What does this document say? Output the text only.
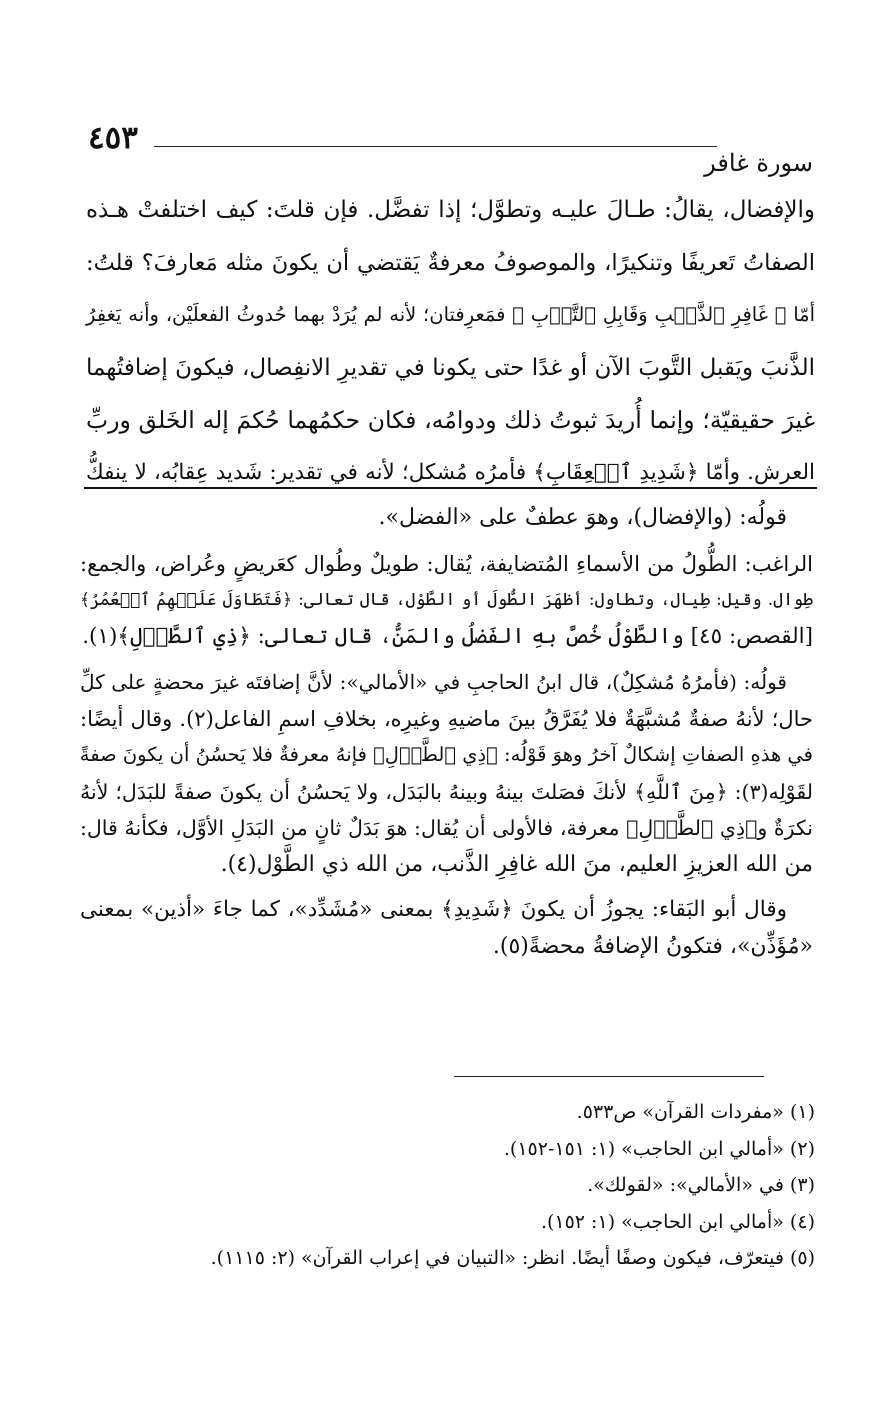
٤٥٣
سورة غافر
والإفضال، يقالُ: طـالَ عليـه وتطوَّل؛ إذا تفضَّل. فإن قلتَ: كيف اختلفتْ هـذه
الصفاتُ تَعريفًا وتنكيرًا، والموصوفُ معرفةٌ يَقتضي أن يكونَ مثله مَعارفَ؟ قلتُ:
أمّا ﴿ غَافِرِ ٱلذَّنۢبِ وَقَابِلِ ٱلتَّوۡبِ ﴾ فمَعرِفتان؛ لأنه لم يُرَدْ بهما حُدوثُ الفعلَيْن، وأنه يَغفِرُ
الذَّنبَ ويَقبل التَّوبَ الآن أو غدًا حتى يكونا في تقديرِ الانفِصال، فيكونَ إضافتُهما
غيرَ حقيقيّة؛ وإنما أُريدَ ثبوتُ ذلك ودوامُه، فكان حكمُهما حُكمَ إله الخَلق وربِّ
العرش. وأمّا ﴿شَدِيدِ ٱلۡعِقَابِ﴾ فأمرُه مُشكل؛ لأنه في تقدير: شَديد عِقابُه، لا ينفكُّ
قولُه: (والإفضال)، وهوَ عطفٌ على «الفضل».
الراغب: الطُّولُ من الأسماءِ المُتضايفة، يُقال: طويلٌ وطُوال كعَريضٍ وعُراض، والجمع:
طِوال. وقيل: طِيال، وتطاول: أظهَرَ الطُّولَ أو الطَّوْل، قال تعالى: ﴿فَتَطَاوَلَ عَلَيۡهِمُ ٱلۡعُمُرُ﴾
[القصص: ٤٥] والطَّوْلُ خُصَّ بهِ الفَضلُ والمَنُّ، قال تعالى: ﴿ذِي ٱلطَّوۡلِ﴾(١).
قولُه: (فأمرُهُ مُشكِلٌ)، قال ابنُ الحاجبِ في «الأمالي»: لأنَّ إضافتَه غيرَ محضةٍ على كلِّ
حال؛ لأنهُ صفةٌ مُشبَّهَةٌ فلا يُفَرَّقُ بينَ ماضيهِ وغيرِه، بخلافِ اسمِ الفاعل(٢). وقال أيضًا:
في هذهِ الصفاتِ إشكالٌ آخرُ وهوَ قَوْلُه: ﴿ذِي ٱلطَّوۡلِ﴾ فإنهُ معرفةٌ فلا يَحسُنُ أن يكونَ صفةً
لقَوْلِه(٣): ﴿مِنَ ٱللَّهِ﴾ لأنكَ فصَلتَ بينهُ وبينهُ بالبَدَل، ولا يَحسُنُ أن يكونَ صفةً للبَدَل؛ لأنهُ
نكرَةٌ و﴿ذِي ٱلطَّوۡلِ﴾ معرفة، فالأولى أن يُقال: هوَ بَدَلٌ ثانٍ من البَدَلِ الأوَّل، فكأنهُ قال:
من الله العزيزِ العليم، منَ الله غافِرِ الذَّنب، من الله ذي الطَّوْل(٤).
وقال أبو البَقاء: يجوزُ أن يكونَ ﴿شَدِيدِ﴾ بمعنى «مُشَدِّد»، كما جاءَ «أذين» بمعنى
«مُؤَذِّن»، فتكونُ الإضافةُ محضةً(٥).
(١) «مفردات القرآن» ص٥٣٣.
(٢) «أمالي ابن الحاجب» (١: ١٥١-١٥٢).
(٣) في «الأمالي»: «لقولك».
(٤) «أمالي ابن الحاجب» (١: ١٥٢).
(٥) فيتعرّف، فيكون وصفًا أيضًا. انظر: «التبيان في إعراب القرآن» (٢: ١١١٥).
